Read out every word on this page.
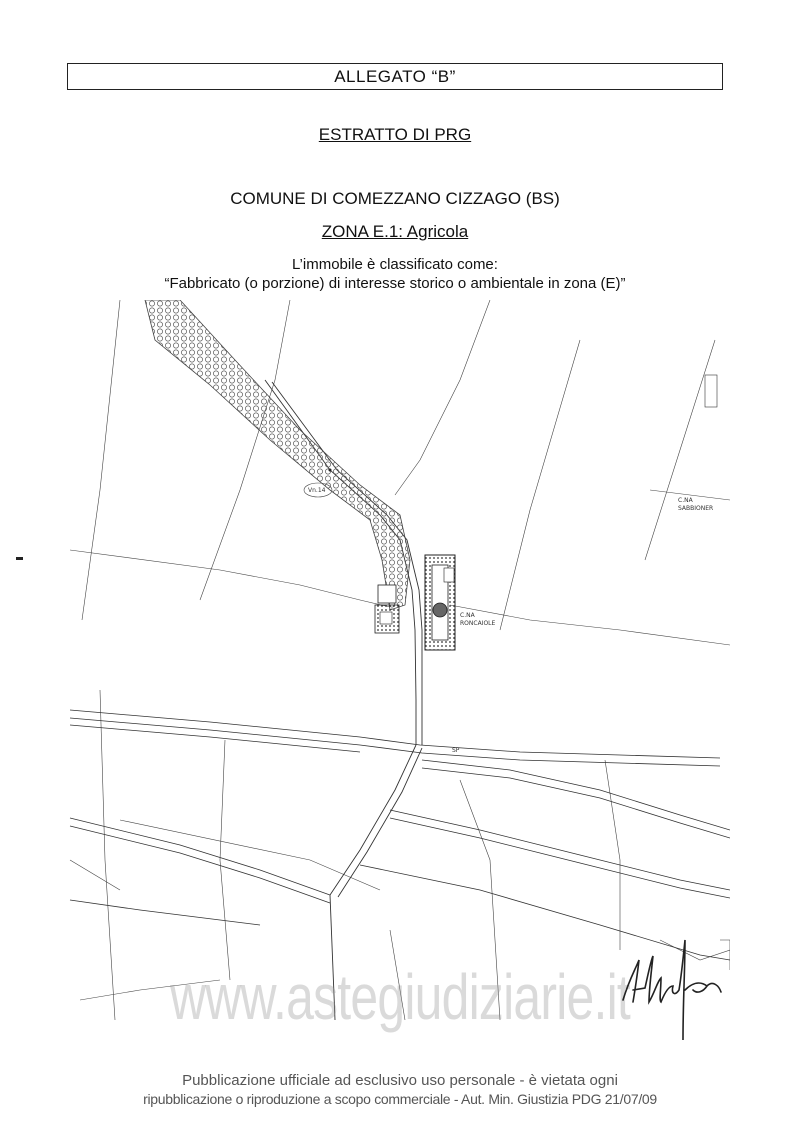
ALLEGATO “B”
ESTRATTO DI PRG
COMUNE DI COMEZZANO CIZZAGO (BS)
ZONA E.1: Agricola
L’immobile è classificato come:
“Fabbricato (o porzione) di interesse storico o ambientale in zona (E)”
Vn.14
C.NA
RONCAIOLE
C.NA
SABBIONER
SP
www.astegiudiziarie.it
Pubblicazione ufficiale ad esclusivo uso personale - è vietata ogni
ripubblicazione o riproduzione a scopo commerciale - Aut. Min. Giustizia PDG 21/07/09
